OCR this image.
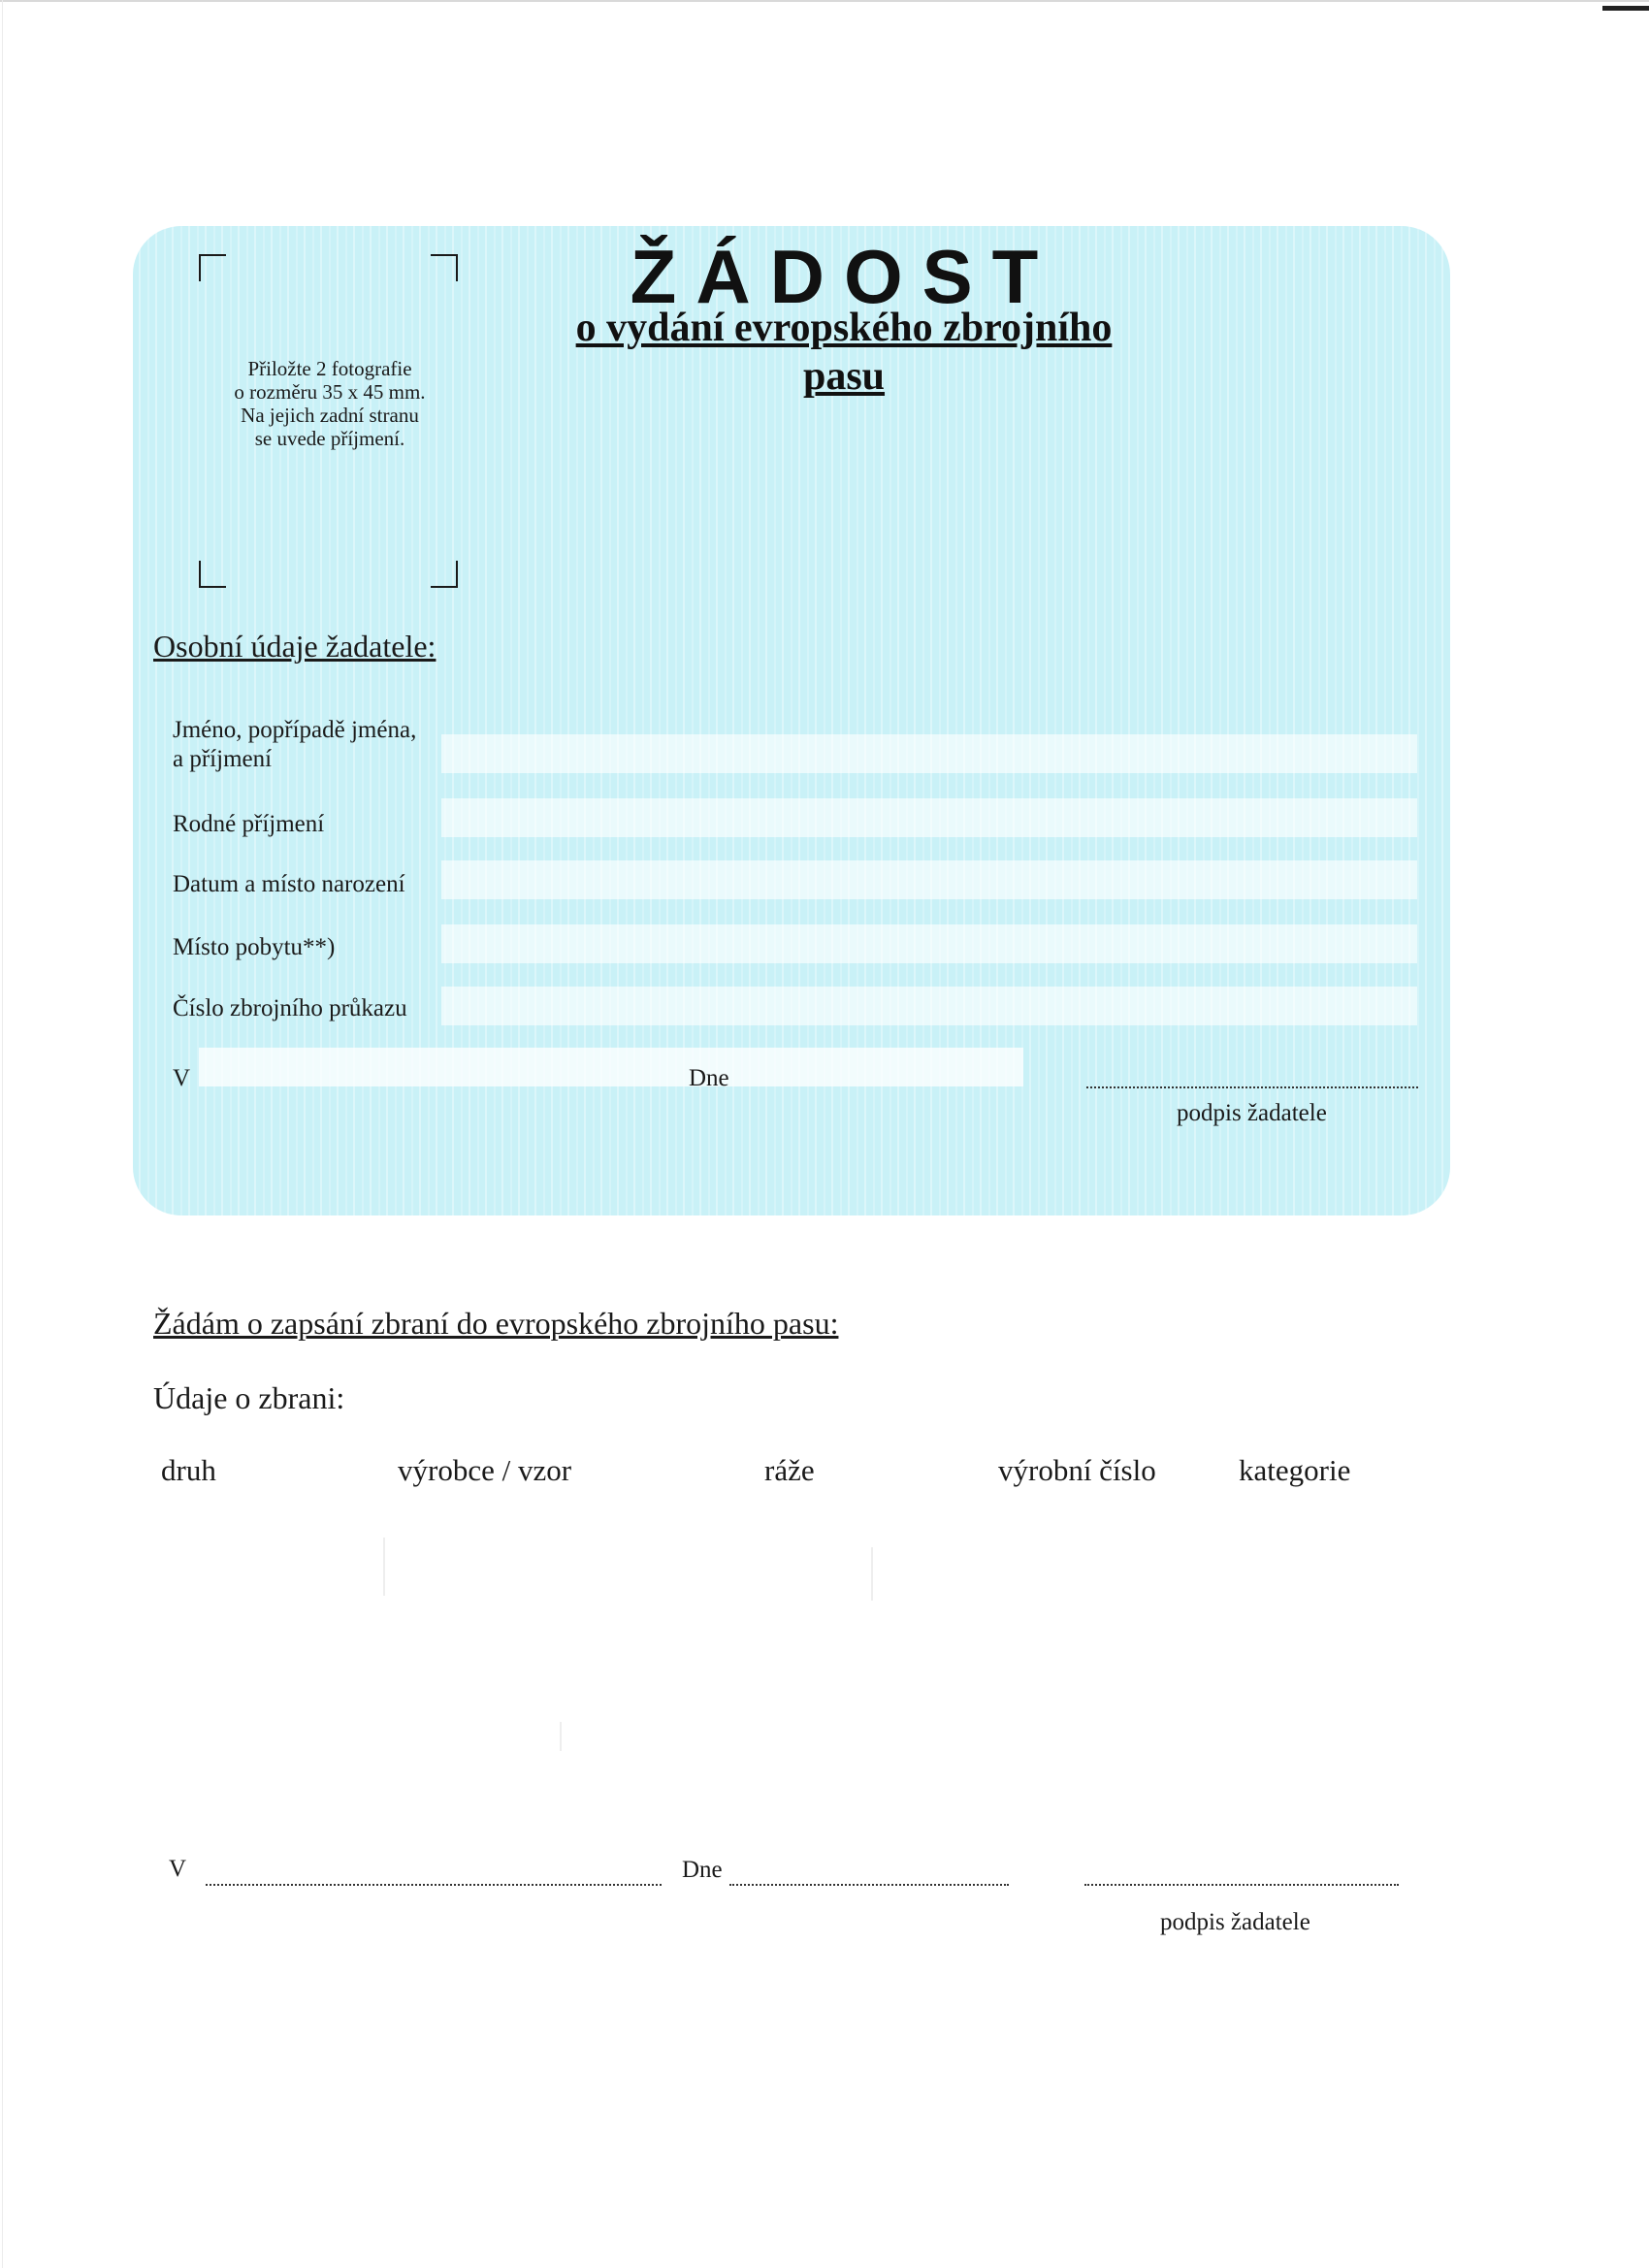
Přiložte 2 fotografie
o rozměru 35 x 45 mm.
Na jejich zadní stranu
se uvede příjmení.
ŽÁDOST
o vydání evropského zbrojního pasu
Osobní údaje žadatele:
Jméno, popřípadě jména,
a příjmení
Rodné příjmení
Datum a místo narození
Místo pobytu**)
Číslo zbrojního průkazu
V	Dne
podpis žadatele
Žádám o zapsání zbraní do evropského zbrojního pasu:
Údaje o zbrani:
druh	výrobce / vzor	ráže	výrobní číslo	kategorie
V	Dne
podpis žadatele
